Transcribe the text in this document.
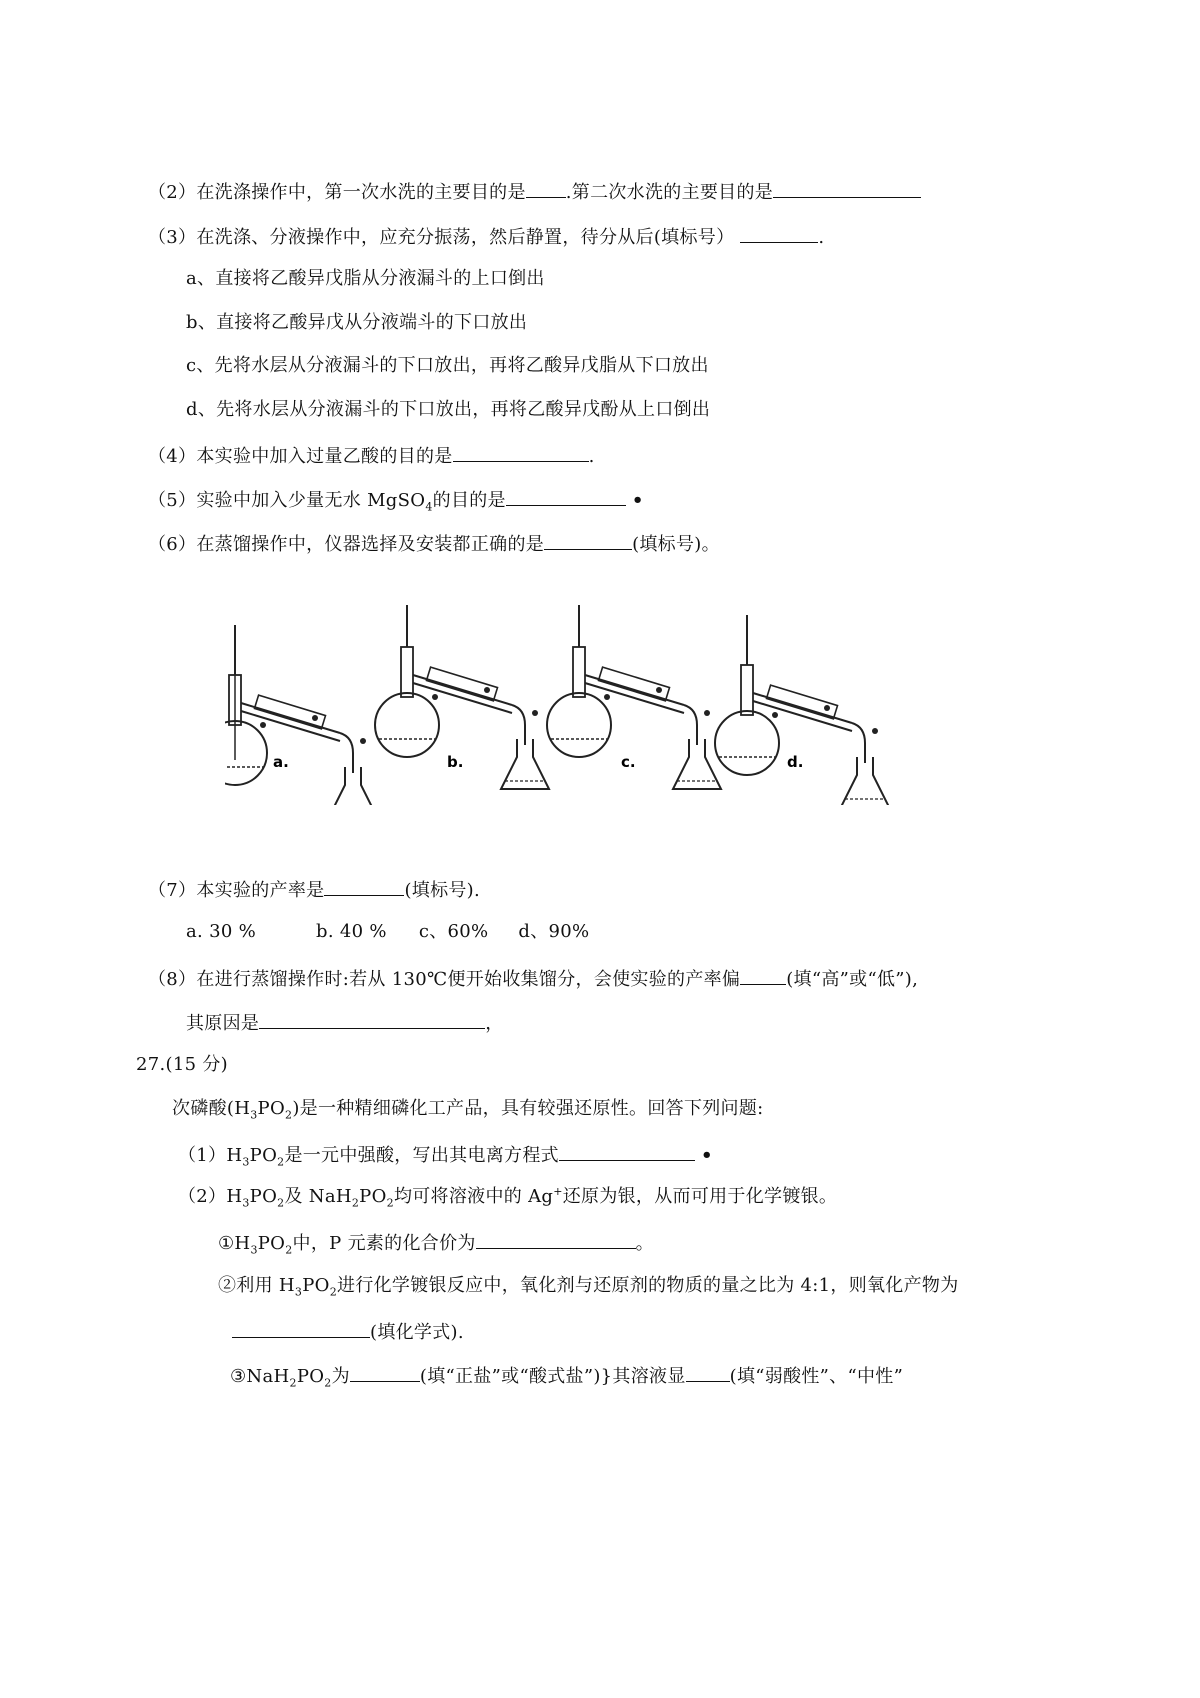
（2）在洗涤操作中，第一次水洗的主要目的是 .第二次水洗的主要目的是
（3）在洗涤、分液操作中，应充分振荡，然后静置，待分从后(填标号）	.
a、直接将乙酸异戊脂从分液漏斗的上口倒出
b、直接将乙酸异戊从分液端斗的下口放出
c、先将水层从分液漏斗的下口放出，再将乙酸异戊脂从下口放出
d、先将水层从分液漏斗的下口放出，再将乙酸异戊酚从上口倒出
（4）本实验中加入过量乙酸的目的是	.
（5）实验中加入少量无水 MgSO$_4$的目的是	•
（6）在蒸馏操作中，仪器选择及安装都正确的是	(填标号)。
a.	b.	c.	d.
（7）本实验的产率是	(填标号).
a. 30 %	b. 40 % c、60% d、90%
（8）在进行蒸馏操作时:若从 130℃便开始收集馏分，会使实验的产率偏	(填“高”或“低”),
其原因是	，
27.(15 分)
次磷酸$(H_3PO_2)$是一种精细磷化工产品，具有较强还原性。回答下列问题:
$(1)H_3PO_2$是一元中强酸，写出其电离方程式	•
$(2)H_3PO_2$及 $NaH_2PO_2$均可将溶液中的 Ag+还原为银，从而可用于化学镀银。
$①H_3PO_2$中，P 元素的化合价为	。
②利用 $H_3PO_2$进行化学镀银反应中，氧化剂与还原剂的物质的量之比为 4:1，则氧化产物为
(填化学式).
$③NaH_2PO_2$为	(填“正盐”或“酸式盐”)}其溶液显 (填“弱酸性”、“中性”
